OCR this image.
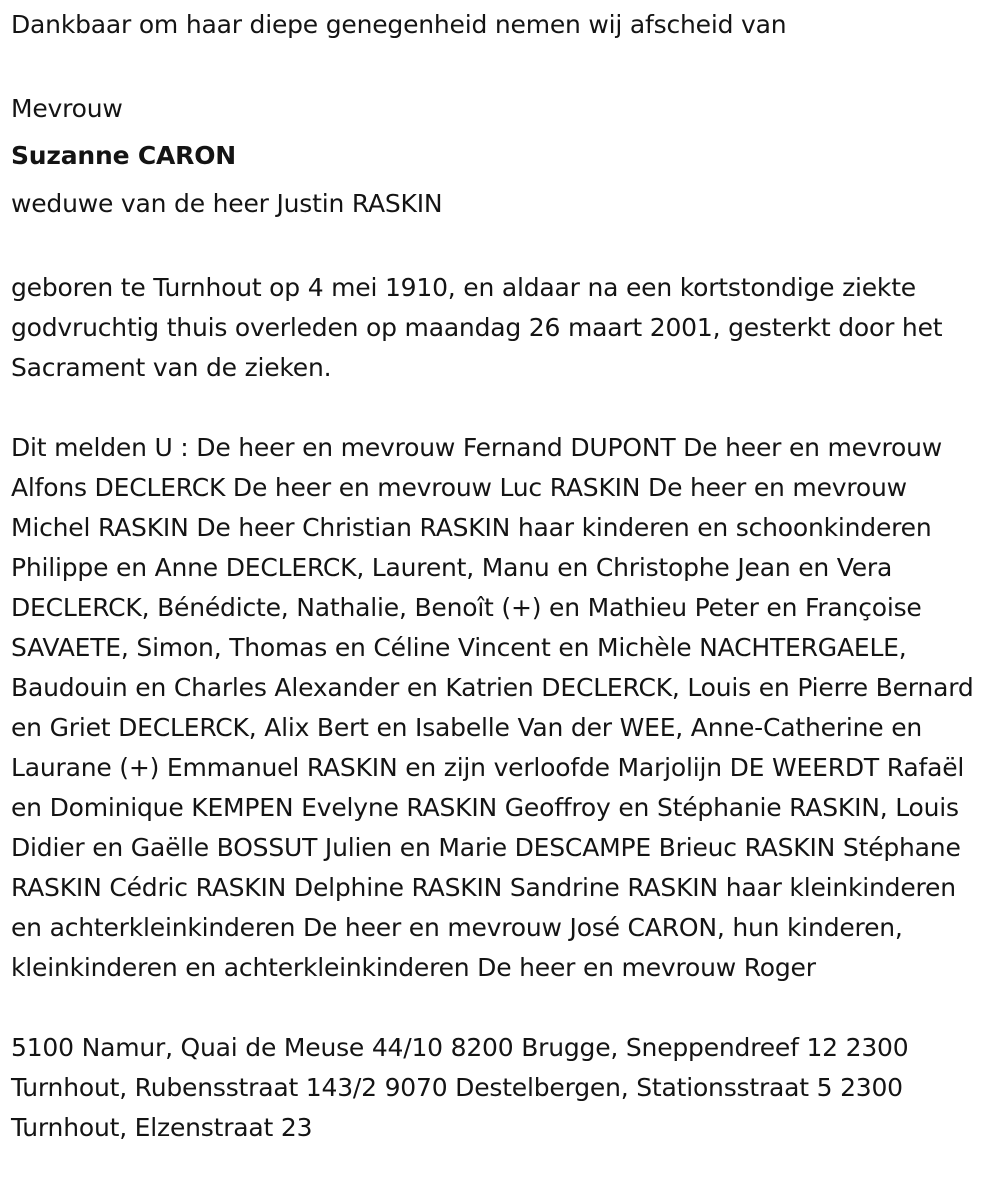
Dankbaar om haar diepe genegenheid nemen wij afscheid van

Mevrouw

Suzanne CARON

weduwe van de heer Justin RASKIN

geboren te Turnhout op 4 mei 1910, en aldaar na een kortstondige ziekte godvruchtig thuis overleden op maandag 26 maart 2001, gesterkt door het Sacrament van de zieken.

Dit melden U : De heer en mevrouw Fernand DUPONT De heer en mevrouw Alfons DECLERCK De heer en mevrouw Luc RASKIN De heer en mevrouw Michel RASKIN De heer Christian RASKIN haar kinderen en schoonkinderen Philippe en Anne DECLERCK, Laurent, Manu en Christophe Jean en Vera DECLERCK, Bénédicte, Nathalie, Benoît (+) en Mathieu Peter en Françoise SAVAETE, Simon, Thomas en Céline Vincent en Michèle NACHTERGAELE, Baudouin en Charles Alexander en Katrien DECLERCK, Louis en Pierre Bernard en Griet DECLERCK, Alix Bert en Isabelle Van der WEE, Anne-Catherine en Laurane (+) Emmanuel RASKIN en zijn verloofde Marjolijn DE WEERDT Rafaël en Dominique KEMPEN Evelyne RASKIN Geoffroy en Stéphanie RASKIN, Louis Didier en Gaëlle BOSSUT Julien en Marie DESCAMPE Brieuc RASKIN Stéphane RASKIN Cédric RASKIN Delphine RASKIN Sandrine RASKIN haar kleinkinderen en achterkleinkinderen De heer en mevrouw José CARON, hun kinderen, kleinkinderen en achterkleinkinderen De heer en mevrouw Roger

5100 Namur, Quai de Meuse 44/10 8200 Brugge, Sneppendreef 12 2300 Turnhout, Rubensstraat 143/2 9070 Destelbergen, Stationsstraat 5 2300 Turnhout, Elzenstraat 23
